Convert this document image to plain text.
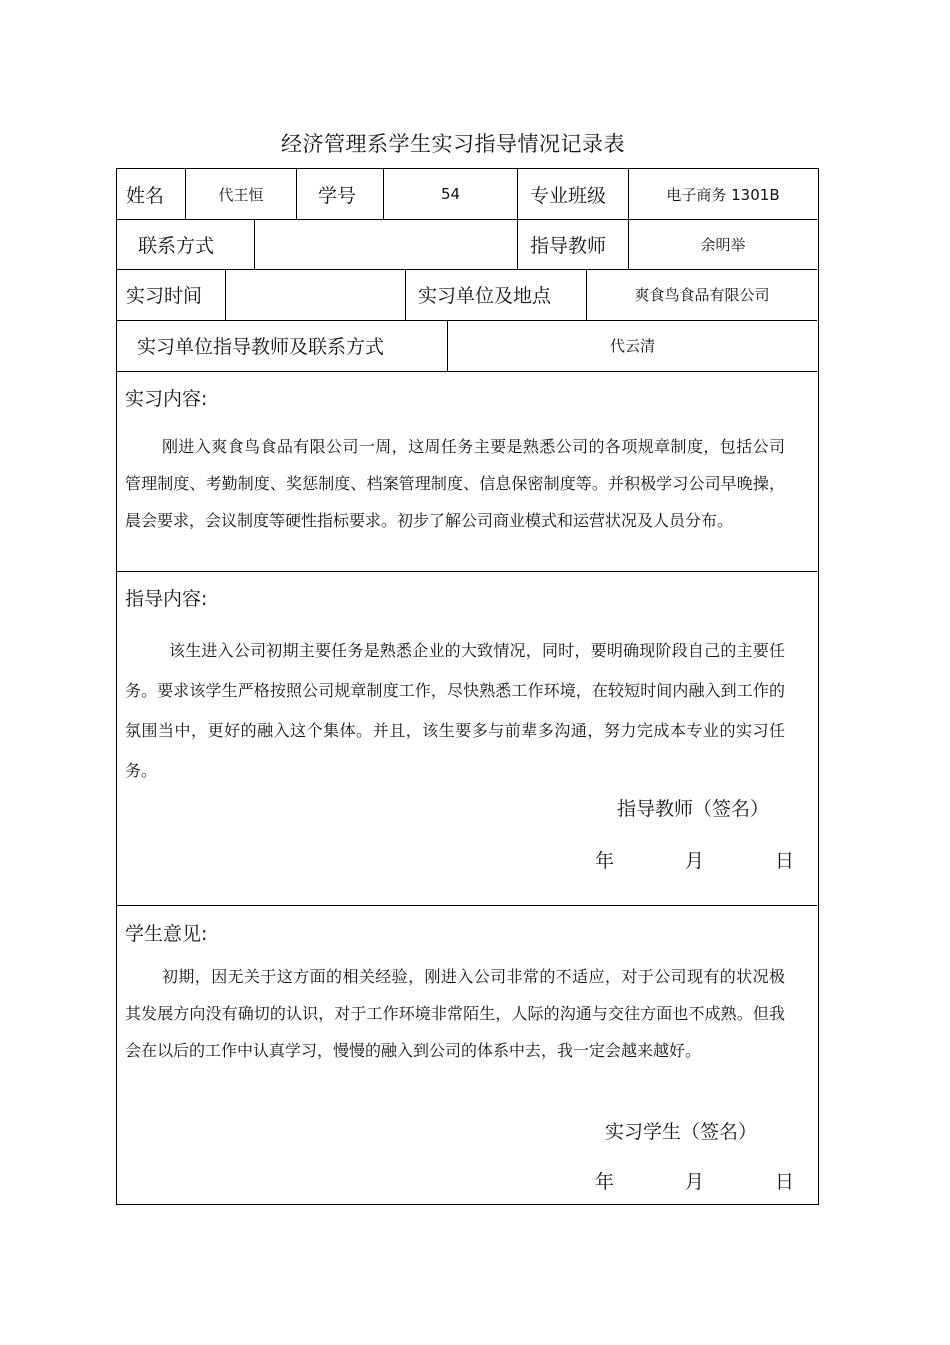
经济管理系学生实习指导情况记录表
姓名	代王恒	学号	54	专业班级	电子商务 1301B
联系方式	指导教师	余明举
实习时间	实习单位及地点	爽食鸟食品有限公司
实习单位指导教师及联系方式	代云清
实习内容:

刚进入爽食鸟食品有限公司一周，这周任务主要是熟悉公司的各项规章制度，包括公司管理制度、考勤制度、奖惩制度、档案管理制度、信息保密制度等。并积极学习公司早晚操，晨会要求，会议制度等硬性指标要求。初步了解公司商业模式和运营状况及人员分布。

指导内容:

该生进入公司初期主要任务是熟悉企业的大致情况，同时，要明确现阶段自己的主要任务。要求该学生严格按照公司规章制度工作，尽快熟悉工作环境，在较短时间内融入到工作的氛围当中，更好的融入这个集体。并且，该生要多与前辈多沟通，努力完成本专业的实习任务。

指导教师（签名）
年	月	日
学生意见:

初期，因无关于这方面的相关经验，刚进入公司非常的不适应，对于公司现有的状况极其发展方向没有确切的认识，对于工作环境非常陌生，人际的沟通与交往方面也不成熟。但我会在以后的工作中认真学习，慢慢的融入到公司的体系中去，我一定会越来越好。

实习学生（签名）
年	月	日
